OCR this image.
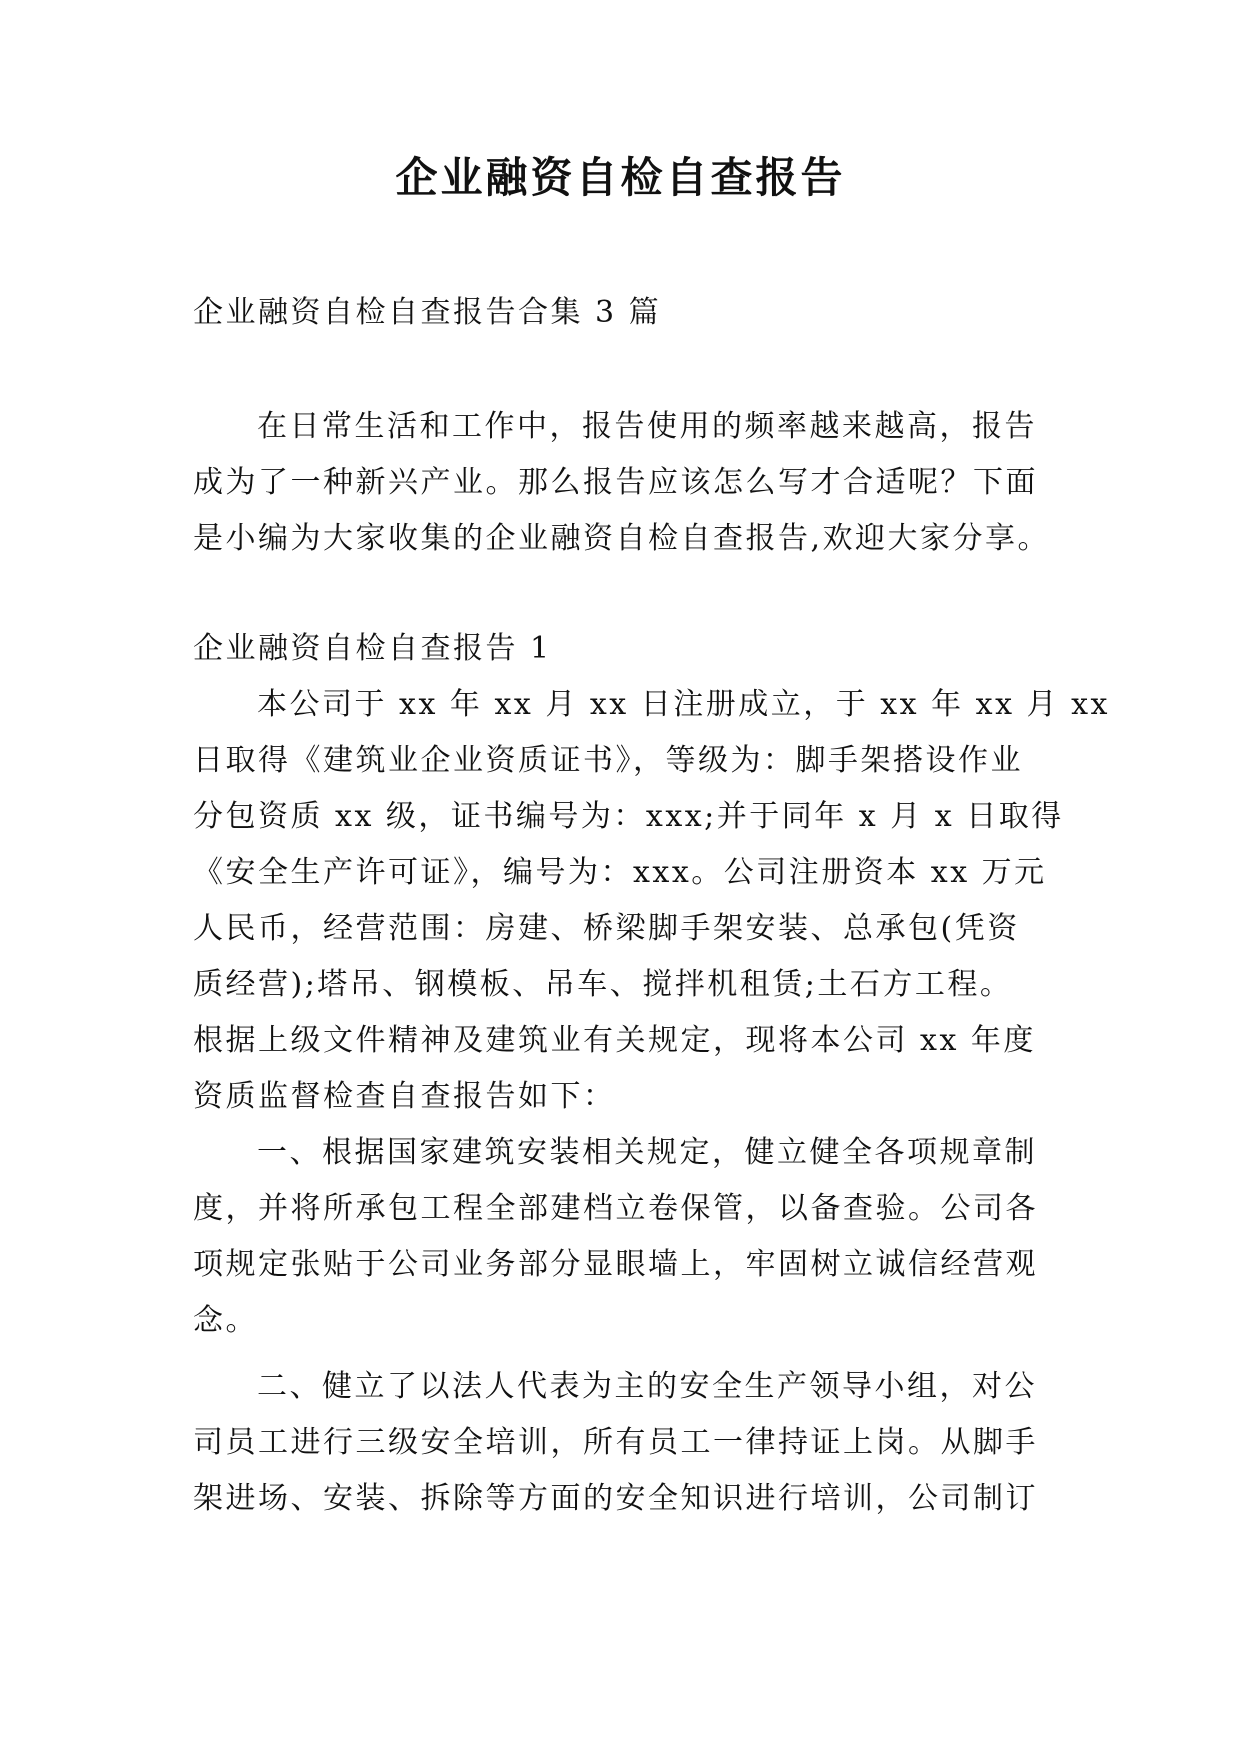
企业融资自检自查报告
企业融资自检自查报告合集 3 篇
在日常生活和工作中，报告使用的频率越来越高，报告
成为了一种新兴产业。那么报告应该怎么写才合适呢？下面
是小编为大家收集的企业融资自检自查报告,欢迎大家分享。
企业融资自检自查报告 1
本公司于 xx 年 xx 月 xx 日注册成立，于 xx 年 xx 月 xx
日取得《建筑业企业资质证书》，等级为：脚手架搭设作业
分包资质 xx 级，证书编号为：xxx;并于同年 x 月 x 日取得
《安全生产许可证》，编号为：xxx。公司注册资本 xx 万元
人民币，经营范围：房建、桥梁脚手架安装、总承包(凭资
质经营);塔吊、钢模板、吊车、搅拌机租赁;土石方工程。
根据上级文件精神及建筑业有关规定，现将本公司 xx 年度
资质监督检查自查报告如下：
一、根据国家建筑安装相关规定，健立健全各项规章制
度，并将所承包工程全部建档立卷保管，以备查验。公司各
项规定张贴于公司业务部分显眼墙上，牢固树立诚信经营观
念。
二、健立了以法人代表为主的安全生产领导小组，对公
司员工进行三级安全培训，所有员工一律持证上岗。从脚手
架进场、安装、拆除等方面的安全知识进行培训，公司制订
